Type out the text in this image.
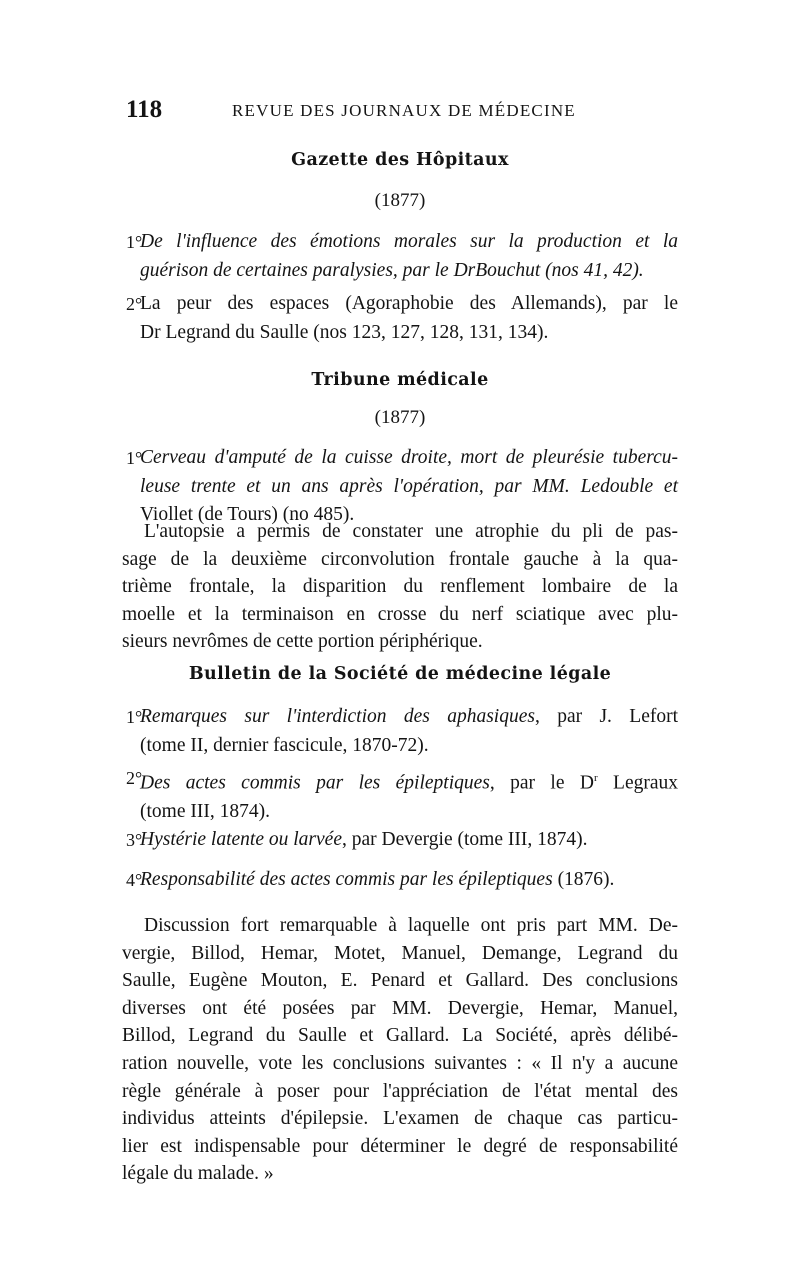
118	REVUE DES JOURNAUX DE MÉDECINE
Gazette des Hôpitaux
(1877)
1°
De l'influence des émotions morales sur la production et la
guérison de certaines paralysies, par le DrBouchut (nos 41, 42).
2°
La peur des espaces (Agoraphobie des Allemands), par le
Dr Legrand du Saulle (nos 123, 127, 128, 131, 134).
Tribune médicale
(1877)
1°
Cerveau d'amputé de la cuisse droite, mort de pleurésie tubercu-
leuse trente et un ans après l'opération, par MM. Ledouble et
Viollet (de Tours) (no 485).
L'autopsie a permis de constater une atrophie du pli de pas-
sage de la deuxième circonvolution frontale gauche à la qua-
trième frontale, la disparition du renflement lombaire de la
moelle et la terminaison en crosse du nerf sciatique avec plu-
sieurs nevrômes de cette portion périphérique.
Bulletin de la Société de médecine légale
1°
Remarques sur l'interdiction des aphasiques, par J. Lefort
(tome II, dernier fascicule, 1870-72).
2°
Des actes commis par les épileptiques, par le $D^r$ Legraux
(tome III, 1874).
3°
Hystérie latente ou larvée, par Devergie (tome III, 1874).
4°
Responsabilité des actes commis par les épileptiques (1876).
Discussion fort remarquable à laquelle ont pris part MM. De-
vergie, Billod, Hemar, Motet, Manuel, Demange, Legrand du
Saulle, Eugène Mouton, E. Penard et Gallard. Des conclusions
diverses ont été posées par MM. Devergie, Hemar, Manuel,
Billod, Legrand du Saulle et Gallard. La Société, après délibé-
ration nouvelle, vote les conclusions suivantes : « Il n'y a aucune
règle générale à poser pour l'appréciation de l'état mental des
individus atteints d'épilepsie. L'examen de chaque cas particu-
lier est indispensable pour déterminer le degré de responsabilité
légale du malade. »
